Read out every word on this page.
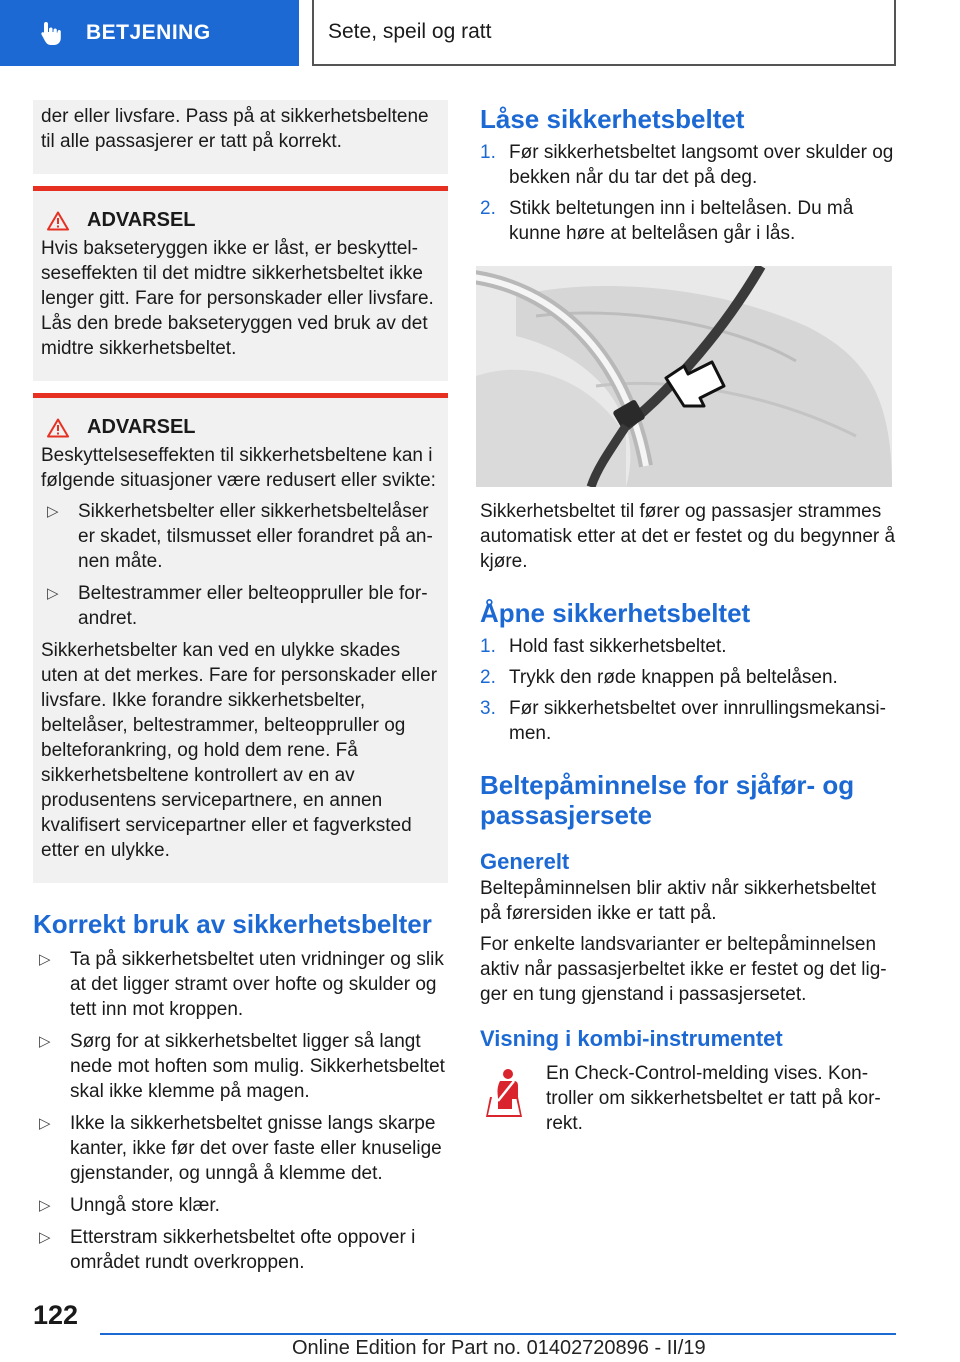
BETJENING	Sete, speil og ratt

der eller livsfare. Pass på at sikkerhetsbeltene til alle passasjerer er tatt på korrekt.

ADVARSEL

Hvis bakseteryggen ikke er låst, er beskyttelseseffekten til det midtre sikkerhetsbeltet ikke lenger gitt. Fare for personskader eller livsfare. Lås den brede bakseteryggen ved bruk av det midtre sikkerhetsbeltet.

ADVARSEL

Beskyttelseseffekten til sikkerhetsbeltene kan i følgende situasjoner være redusert eller svikte:

▷ Sikkerhetsbelter eller sikkerhetsbeltelåser er skadet, tilsmusset eller forandret på annen måte.
▷ Beltestrammer eller belteoppruller ble forandret.

Sikkerhetsbelter kan ved en ulykke skades uten at det merkes. Fare for personskader eller livsfare. Ikke forandre sikkerhetsbelter, beltelåser, beltestrammer, belteoppruller og belteforankring, og hold dem rene. Få sikkerhetsbeltene kontrollert av en av produsentens servicepartnere, en annen kvalifisert servicepartner eller et fagverksted etter en ulykke.

Korrekt bruk av sikkerhetsbelter
▷ Ta på sikkerhetsbeltet uten vridninger og slik at det ligger stramt over hofte og skulder og tett inn mot kroppen.
▷ Sørg for at sikkerhetsbeltet ligger så langt nede mot hoften som mulig. Sikkerhetsbeltet skal ikke klemme på magen.
▷ Ikke la sikkerhetsbeltet gnisse langs skarpe kanter, ikke før det over faste eller knuselige gjenstander, og unngå å klemme det.
▷ Unngå store klær.
▷ Etterstram sikkerhetsbeltet ofte oppover i området rundt overkroppen.
Låse sikkerhetsbeltet
1. Før sikkerhetsbeltet langsomt over skulder og bekken når du tar det på deg.
2. Stikk beltetungen inn i beltelåsen. Du må kunne høre at beltelåsen går i lås.

Sikkerhetsbeltet til fører og passasjer strammes automatisk etter at det er festet og du begynner å kjøre.

Åpne sikkerhetsbeltet
1. Hold fast sikkerhetsbeltet.
2. Trykk den røde knappen på beltelåsen.
3. Før sikkerhetsbeltet over innrullingsmekansimen.
Beltepåminnelse for sjåfør- og passasjersete
Generelt

Beltepåminnelsen blir aktiv når sikkerhetsbeltet på førersiden ikke er tatt på.

For enkelte landsvarianter er beltepåminnelsen aktiv når passasjerbeltet ikke er festet og det ligger en tung gjenstand i passasjersetet.

Visning i kombi-instrumentet

En Check-Control-melding vises. Kontroller om sikkerhetsbeltet er tatt på korrekt.

122
Online Edition for Part no. 01402720896 - II/19
